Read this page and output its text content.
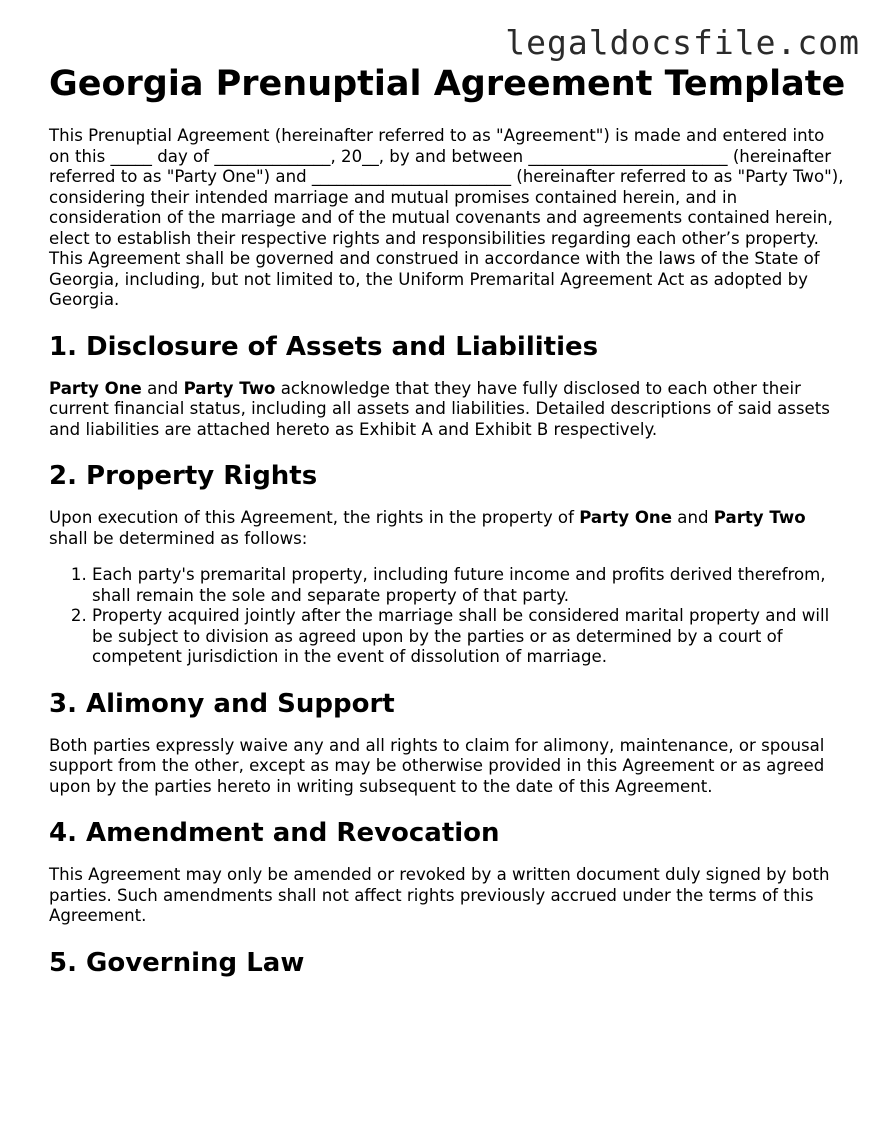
legaldocsfile.com
Georgia Prenuptial Agreement Template

This Prenuptial Agreement (hereinafter referred to as "Agreement") is made and entered into on this _____ day of ______________, 20__, by and between ________________________ (hereinafter referred to as "Party One") and ________________________ (hereinafter referred to as "Party Two"), considering their intended marriage and mutual promises contained herein, and in consideration of the marriage and of the mutual covenants and agreements contained herein, elect to establish their respective rights and responsibilities regarding each other’s property. This Agreement shall be governed and construed in accordance with the laws of the State of Georgia, including, but not limited to, the Uniform Premarital Agreement Act as adopted by Georgia.

1. Disclosure of Assets and Liabilities

Party One and Party Two acknowledge that they have fully disclosed to each other their current financial status, including all assets and liabilities. Detailed descriptions of said assets and liabilities are attached hereto as Exhibit A and Exhibit B respectively.

2. Property Rights

Upon execution of this Agreement, the rights in the property of Party One and Party Two shall be determined as follows:

1. Each party's premarital property, including future income and profits derived therefrom, shall remain the sole and separate property of that party.
2. Property acquired jointly after the marriage shall be considered marital property and will be subject to division as agreed upon by the parties or as determined by a court of competent jurisdiction in the event of dissolution of marriage.
3. Alimony and Support

Both parties expressly waive any and all rights to claim for alimony, maintenance, or spousal support from the other, except as may be otherwise provided in this Agreement or as agreed upon by the parties hereto in writing subsequent to the date of this Agreement.

4. Amendment and Revocation

This Agreement may only be amended or revoked by a written document duly signed by both parties. Such amendments shall not affect rights previously accrued under the terms of this Agreement.

5. Governing Law
